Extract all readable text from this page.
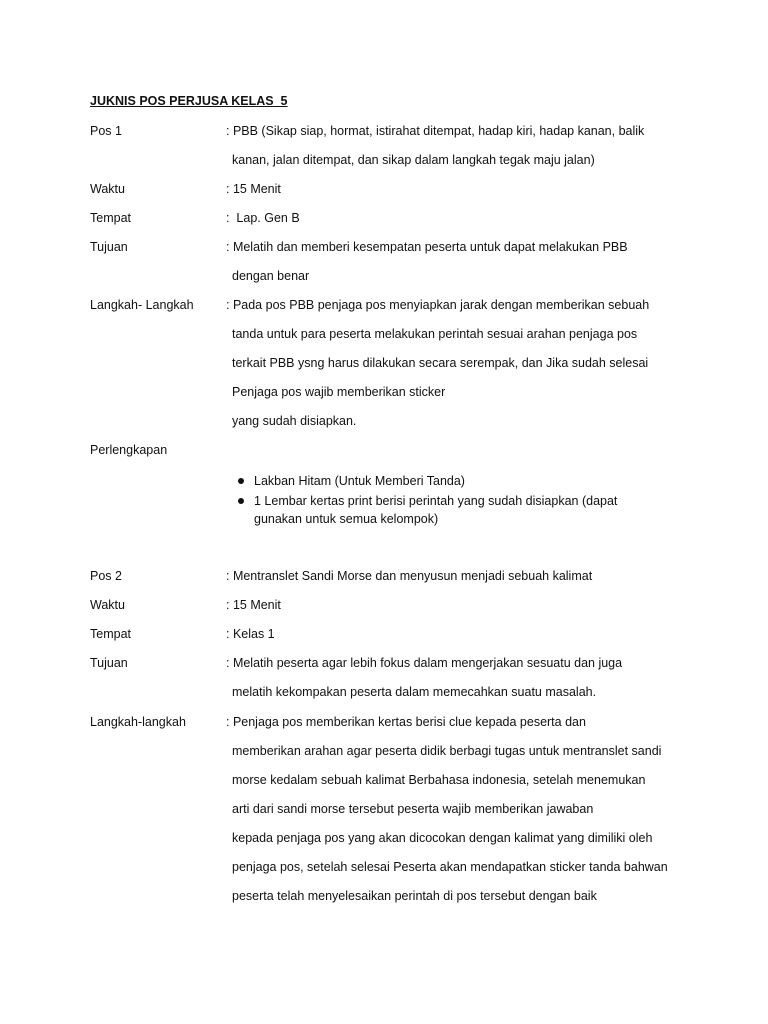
JUKNIS POS PERJUSA KELAS  5
Pos 1	: PBB (Sikap siap, hormat, istirahat ditempat, hadap kiri, hadap kanan, balik
kanan, jalan ditempat, dan sikap dalam langkah tegak maju jalan)
Waktu	: 15 Menit
Tempat	:  Lap. Gen B
Tujuan	: Melatih dan memberi kesempatan peserta untuk dapat melakukan PBB
dengan benar
Langkah- Langkah	: Pada pos PBB penjaga pos menyiapkan jarak dengan memberikan sebuah
tanda untuk para peserta melakukan perintah sesuai arahan penjaga pos
terkait PBB ysng harus dilakukan secara serempak, dan Jika sudah selesai
Penjaga pos wajib memberikan sticker
yang sudah disiapkan.
Perlengkapan
Lakban Hitam (Untuk Memberi Tanda)
1 Lembar kertas print berisi perintah yang sudah disiapkan (dapat
gunakan untuk semua kelompok)
Pos 2	: Mentranslet Sandi Morse dan menyusun menjadi sebuah kalimat
Waktu	: 15 Menit
Tempat	: Kelas 1
Tujuan	: Melatih peserta agar lebih fokus dalam mengerjakan sesuatu dan juga
melatih kekompakan peserta dalam memecahkan suatu masalah.
Langkah-langkah	: Penjaga pos memberikan kertas berisi clue kepada peserta dan
memberikan arahan agar peserta didik berbagi tugas untuk mentranslet sandi
morse kedalam sebuah kalimat Berbahasa indonesia, setelah menemukan
arti dari sandi morse tersebut peserta wajib memberikan jawaban
kepada penjaga pos yang akan dicocokan dengan kalimat yang dimiliki oleh
penjaga pos, setelah selesai Peserta akan mendapatkan sticker tanda bahwan
peserta telah menyelesaikan perintah di pos tersebut dengan baik
